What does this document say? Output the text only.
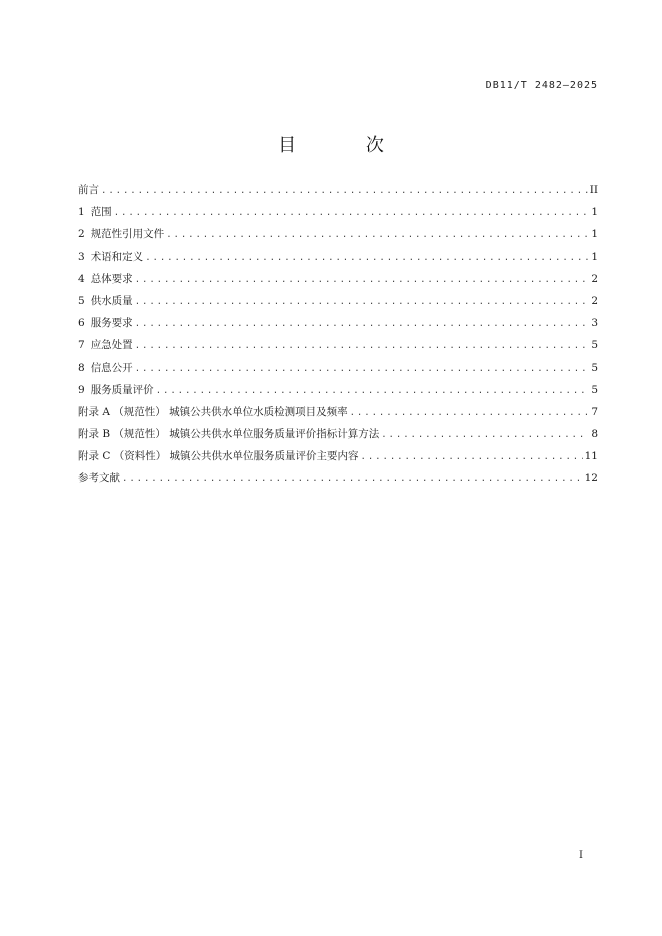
DB11/T 2482—2025
目 次
前言 .....	II
1 范围 .....	1
2 规范性引用文件 .....	1
3 术语和定义 .....	1
4 总体要求 .....	2
5 供水质量 .....	2
6 服务要求 .....	3
7 应急处置 .....	5
8 信息公开 .....	5
9 服务质量评价 .....	5
附录 A （规范性） 城镇公共供水单位水质检测项目及频率 .....	7
附录 B （规范性） 城镇公共供水单位服务质量评价指标计算方法 .....	8
附录 C （资料性） 城镇公共供水单位服务质量评价主要内容 .....	11
参考文献 .....	12
I
